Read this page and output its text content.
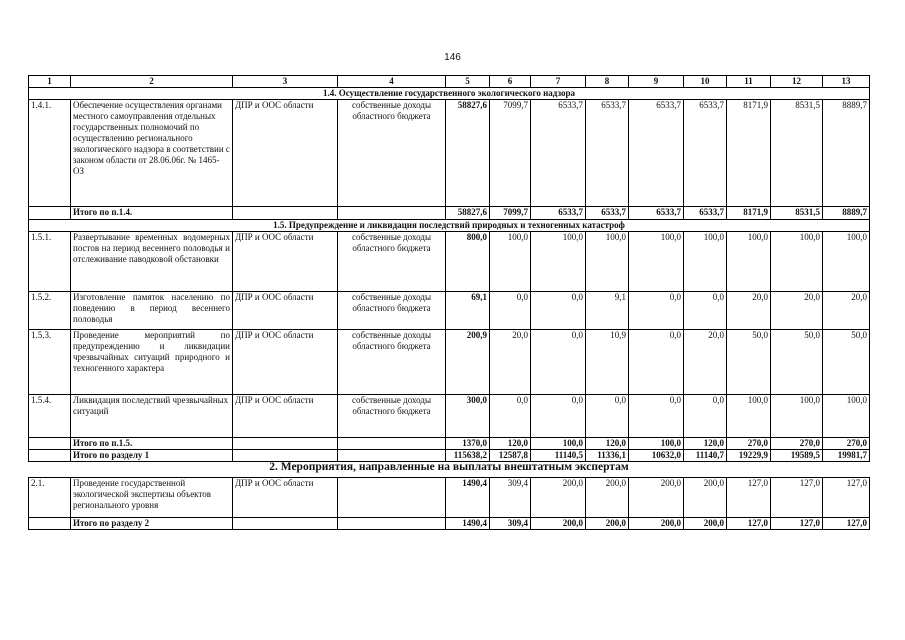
146
1	2	3	4	5	6	7	8	9	10	11	12	13
1.4. Осуществление государственного экологического надзора												
1.4.1.	Обеспечение осуществления органами местного самоуправления отдельных государственных полномочий по осуществлению регионального экологического надзора в соответствии с законом области от 28.06.06г. № 1465-ОЗ	ДПР и ООС области	собственные доходы областного бюджета	58827,6	7099,7	6533,7	6533,7	6533,7	6533,7	8171,9	8531,5	8889,7
	Итого по п.1.4.			58827,6	7099,7	6533,7	6533,7	6533,7	6533,7	8171,9	8531,5	8889,7
1.5. Предупреждение и ликвидация последствий природных и техногенных катастроф												
1.5.1.	Развертывание временных водомерных постов на период весеннего половодья и отслеживание паводковой обстановки	ДПР и ООС области	собственные доходы областного бюджета	800,0	100,0	100,0	100,0	100,0	100,0	100,0	100,0	100,0
1.5.2.	Изготовление памяток населению по поведению в период весеннего половодья	ДПР и ООС области	собственные доходы областного бюджета	69,1	0,0	0,0	9,1	0,0	0,0	20,0	20,0	20,0
1.5.3.	Проведение мероприятий по предупреждению и ликвидации чрезвычайных ситуаций природного и техногенного характера	ДПР и ООС области	собственные доходы областного бюджета	200,9	20,0	0,0	10,9	0,0	20,0	50,0	50,0	50,0
1.5.4.	Ликвидация последствий чрезвычайных ситуаций	ДПР и ООС области	собственные доходы областного бюджета	300,0	0,0	0,0	0,0	0,0	0,0	100,0	100,0	100,0
	Итого по п.1.5.			1370,0	120,0	100,0	120,0	100,0	120,0	270,0	270,0	270,0
	Итого по разделу 1			115638,2	12587,8	11140,5	11336,1	10632,0	11140,7	19229,9	19589,5	19981,7
2. Мероприятия, направленные на выплаты внештатным экспертам												
2.1.	Проведение государственной экологической экспертизы объектов регионального уровня	ДПР и ООС области		1490,4	309,4	200,0	200,0	200,0	200,0	127,0	127,0	127,0
	Итого по разделу 2			1490,4	309,4	200,0	200,0	200,0	200,0	127,0	127,0	127,0
